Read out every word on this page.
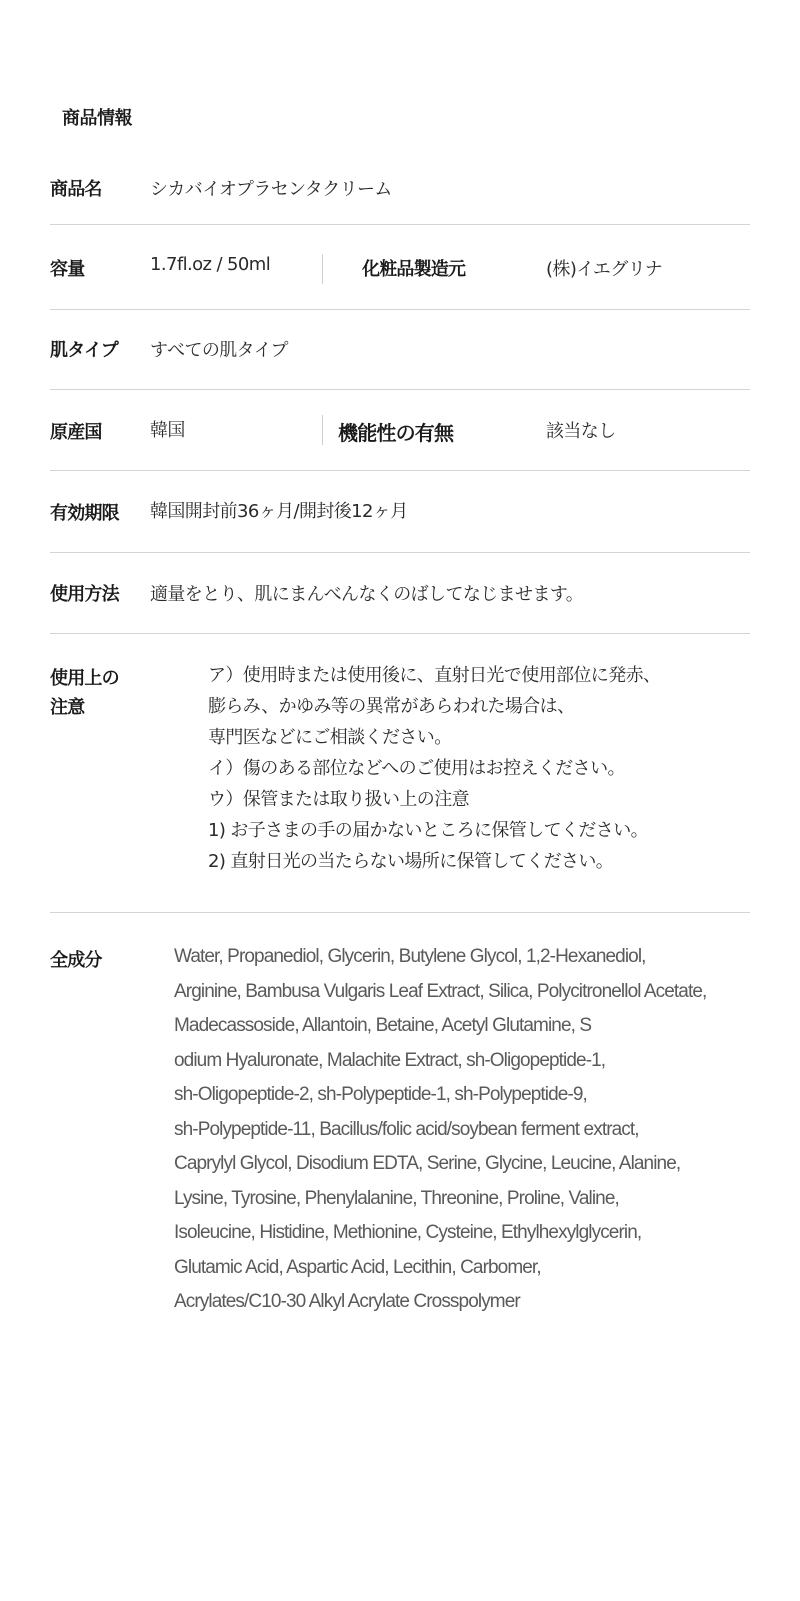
商品情報
商品名	シカバイオプラセンタクリーム
容量	1.7fl.oz / 50ml	化粧品製造元	(株)イエグリナ
肌タイプ すべての肌タイプ
原産国	韓国	機能性の有無	該当なし
有効期限 韓国開封前36ヶ月/開封後12ヶ月
使用方法 適量をとり、肌にまんべんなくのばしてなじませます。
使用上の
注意
ア）使用時または使用後に、直射日光で使用部位に発赤、
膨らみ、かゆみ等の異常があらわれた場合は、
専門医などにご相談ください。
イ）傷のある部位などへのご使用はお控えください。
ウ）保管または取り扱い上の注意
1) お子さまの手の届かないところに保管してください。
2) 直射日光の当たらない場所に保管してください。
全成分	Water, Propanediol, Glycerin, Butylene Glycol, 1,2-Hexanediol,
Arginine, Bambusa Vulgaris Leaf Extract, Silica, Polycitronellol Acetate,
Madecassoside, Allantoin, Betaine, Acetyl Glutamine, S
odium Hyaluronate, Malachite Extract, sh-Oligopeptide-1,
sh-Oligopeptide-2, sh-Polypeptide-1, sh-Polypeptide-9,
sh-Polypeptide-11, Bacillus/folic acid/soybean ferment extract,
Caprylyl Glycol, Disodium EDTA, Serine, Glycine, Leucine, Alanine,
Lysine, Tyrosine, Phenylalanine, Threonine, Proline, Valine,
Isoleucine, Histidine, Methionine, Cysteine, Ethylhexylglycerin,
Glutamic Acid, Aspartic Acid, Lecithin, Carbomer,
Acrylates/C10-30 Alkyl Acrylate Crosspolymer
